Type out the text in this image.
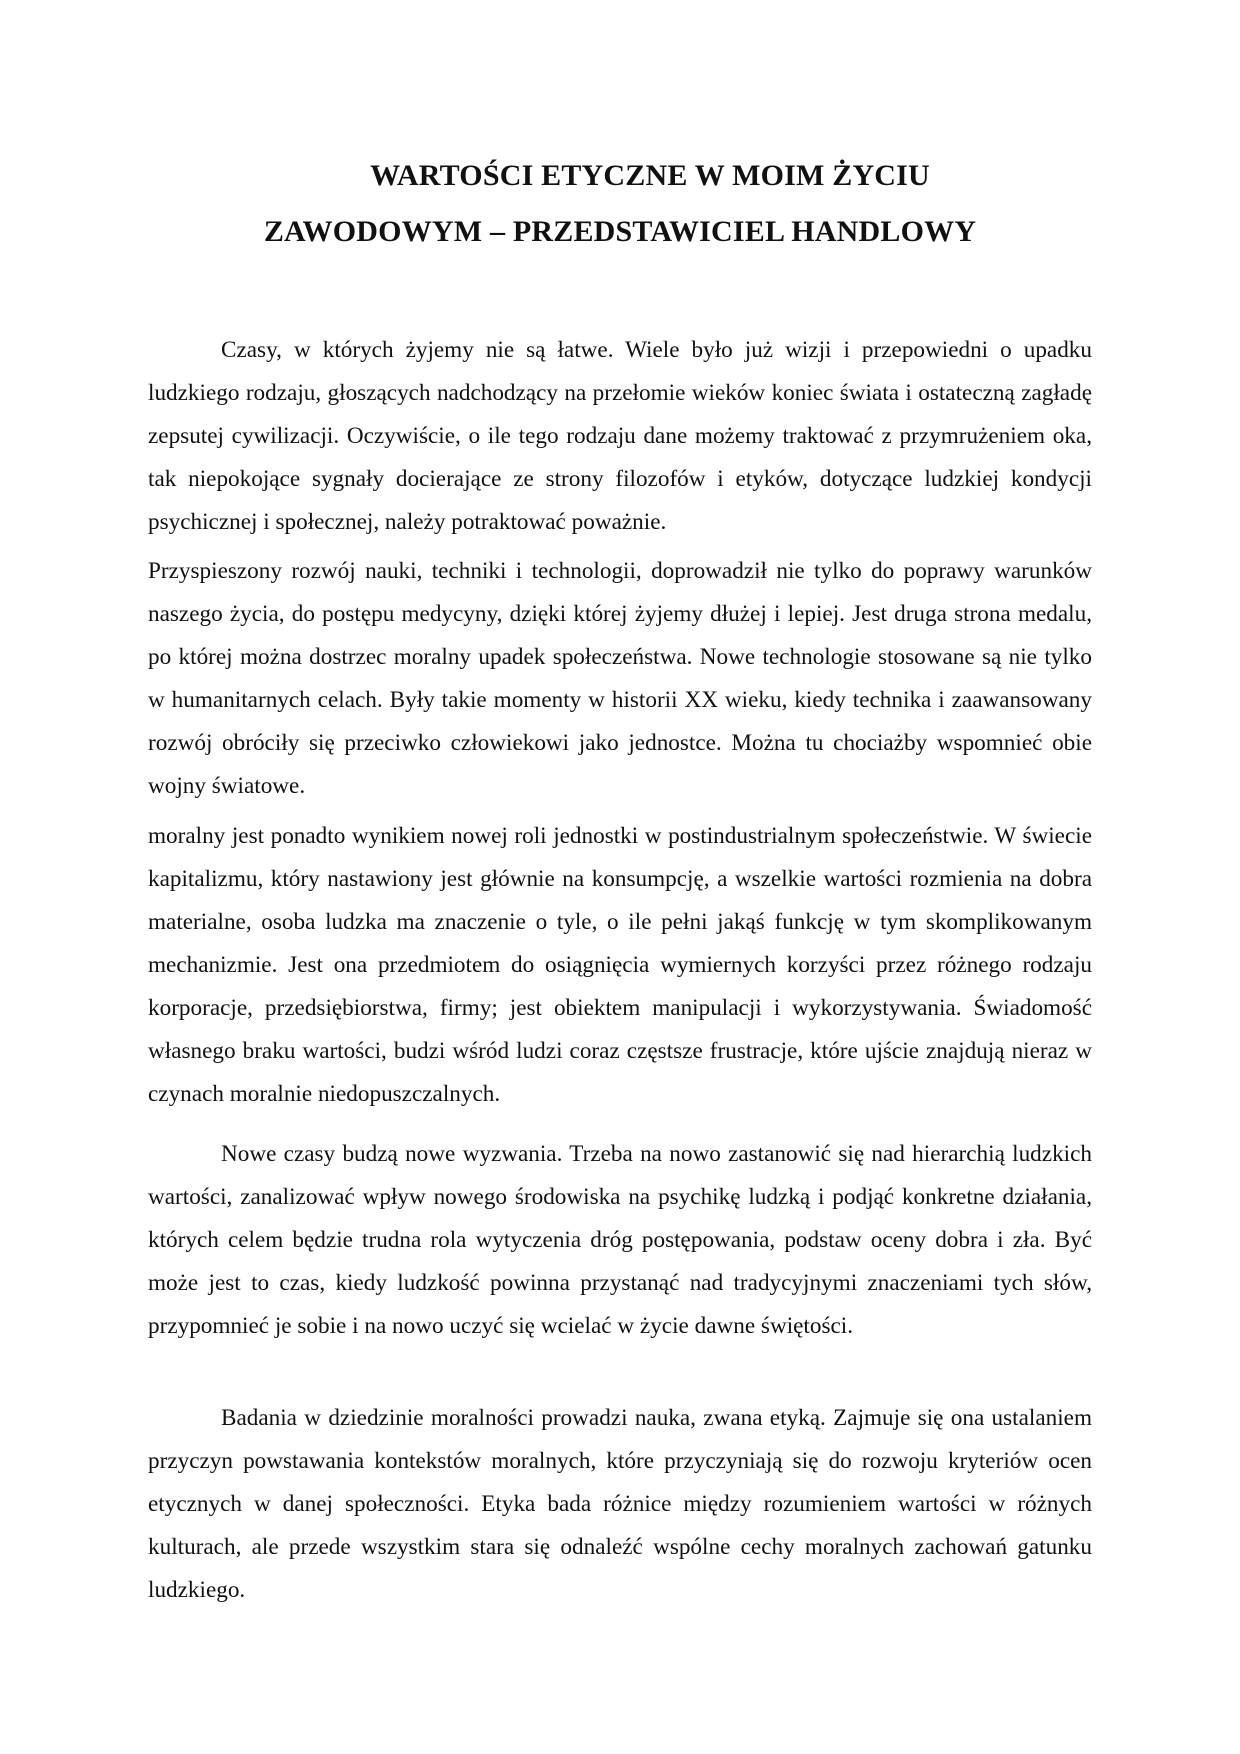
WARTOŚCI ETYCZNE W MOIM ŻYCIU
ZAWODOWYM – PRZEDSTAWICIEL HANDLOWY

Czasy, w których żyjemy nie są łatwe. Wiele było już wizji i przepowiedni o upadku ludzkiego rodzaju, głoszących nadchodzący na przełomie wieków koniec świata i ostateczną zagładę zepsutej cywilizacji. Oczywiście, o ile tego rodzaju dane możemy traktować z przymrużeniem oka, tak niepokojące sygnały docierające ze strony filozofów i etyków, dotyczące ludzkiej kondycji psychicznej i społecznej, należy potraktować poważnie.

Przyspieszony rozwój nauki, techniki i technologii, doprowadził nie tylko do poprawy warunków naszego życia, do postępu medycyny, dzięki której żyjemy dłużej i lepiej. Jest druga strona medalu, po której można dostrzec moralny upadek społeczeństwa. Nowe technologie stosowane są nie tylko w humanitarnych celach. Były takie momenty w historii XX wieku, kiedy technika i zaawansowany rozwój obróciły się przeciwko człowiekowi jako jednostce. Można tu chociażby wspomnieć obie wojny światowe.

moralny jest ponadto wynikiem nowej roli jednostki w postindustrialnym społeczeństwie. W świecie kapitalizmu, który nastawiony jest głównie na konsumpcję, a wszelkie wartości rozmienia na dobra materialne, osoba ludzka ma znaczenie o tyle, o ile pełni jakąś funkcję w tym skomplikowanym mechanizmie. Jest ona przedmiotem do osiągnięcia wymiernych korzyści przez różnego rodzaju korporacje, przedsiębiorstwa, firmy; jest obiektem manipulacji i wykorzystywania. Świadomość własnego braku wartości, budzi wśród ludzi coraz częstsze frustracje, które ujście znajdują nieraz w czynach moralnie niedopuszczalnych.

Nowe czasy budzą nowe wyzwania. Trzeba na nowo zastanowić się nad hierarchią ludzkich wartości, zanalizować wpływ nowego środowiska na psychikę ludzką i podjąć konkretne działania, których celem będzie trudna rola wytyczenia dróg postępowania, podstaw oceny dobra i zła. Być może jest to czas, kiedy ludzkość powinna przystanąć nad tradycyjnymi znaczeniami tych słów, przypomnieć je sobie i na nowo uczyć się wcielać w życie dawne świętości.

Badania w dziedzinie moralności prowadzi nauka, zwana etyką. Zajmuje się ona ustalaniem przyczyn powstawania kontekstów moralnych, które przyczyniają się do rozwoju kryteriów ocen etycznych w danej społeczności. Etyka bada różnice między rozumieniem wartości w różnych kulturach, ale przede wszystkim stara się odnaleźć wspólne cechy moralnych zachowań gatunku ludzkiego.
